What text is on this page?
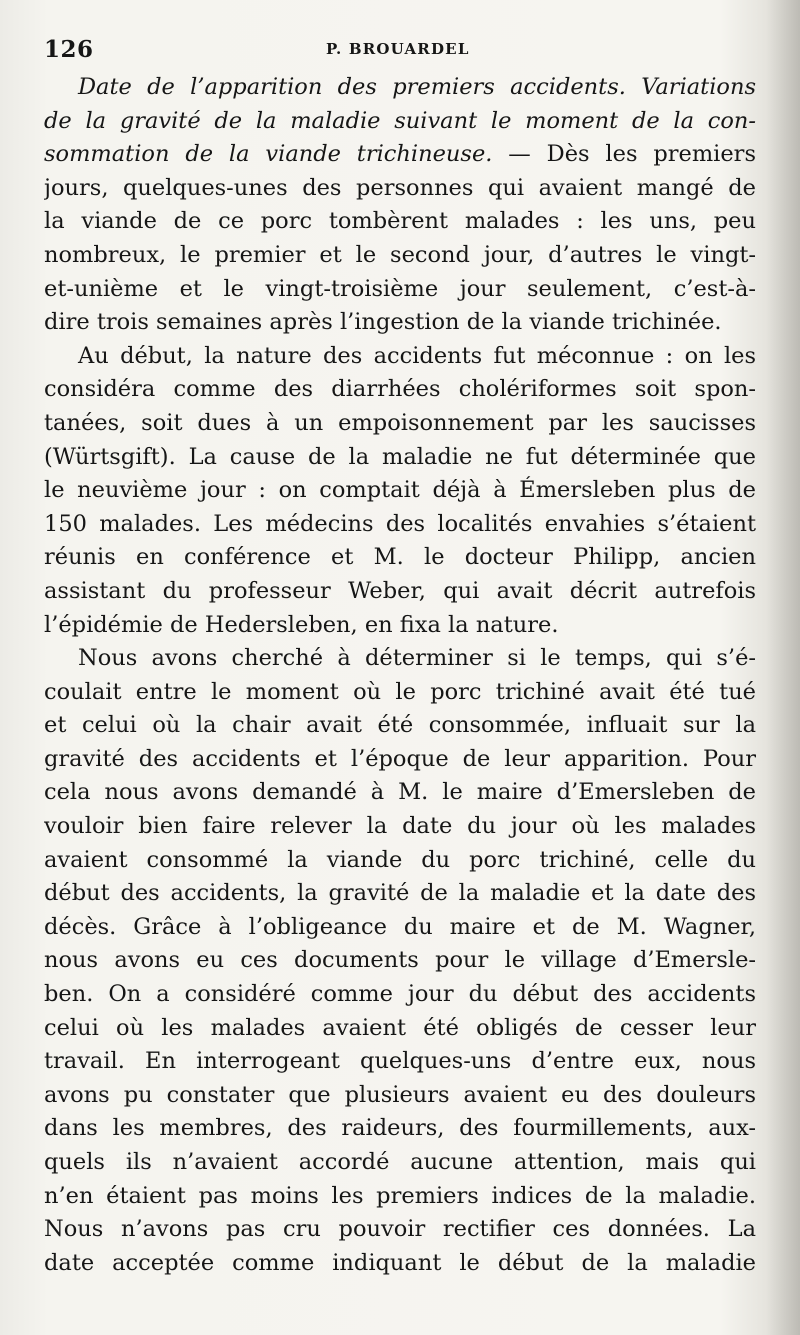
126	P. BROUARDEL
Date de l’apparition des premiers accidents. Variations
de la gravité de la maladie suivant le moment de la con-
sommation de la viande trichineuse. — Dès les premiers
jours, quelques-unes des personnes qui avaient mangé de
la viande de ce porc tombèrent malades : les uns, peu
nombreux, le premier et le second jour, d’autres le vingt-
et-unième et le vingt-troisième jour seulement, c’est-à-
dire trois semaines après l’ingestion de la viande trichinée.
Au début, la nature des accidents fut méconnue : on les
considéra comme des diarrhées cholériformes soit spon-
tanées, soit dues à un empoisonnement par les saucisses
(Würtsgift). La cause de la maladie ne fut déterminée que
le neuvième jour : on comptait déjà à Émersleben plus de
150 malades. Les médecins des localités envahies s’étaient
réunis en conférence et M. le docteur Philipp, ancien
assistant du professeur Weber, qui avait décrit autrefois
l’épidémie de Hedersleben, en fixa la nature.
Nous avons cherché à déterminer si le temps, qui s’é-
coulait entre le moment où le porc trichiné avait été tué
et celui où la chair avait été consommée, influait sur la
gravité des accidents et l’époque de leur apparition. Pour
cela nous avons demandé à M. le maire d’Emersleben de
vouloir bien faire relever la date du jour où les malades
avaient consommé la viande du porc trichiné, celle du
début des accidents, la gravité de la maladie et la date des
décès. Grâce à l’obligeance du maire et de M. Wagner,
nous avons eu ces documents pour le village d’Emersle-
ben. On a considéré comme jour du début des accidents
celui où les malades avaient été obligés de cesser leur
travail. En interrogeant quelques-uns d’entre eux, nous
avons pu constater que plusieurs avaient eu des douleurs
dans les membres, des raideurs, des fourmillements, aux-
quels ils n’avaient accordé aucune attention, mais qui
n’en étaient pas moins les premiers indices de la maladie.
Nous n’avons pas cru pouvoir rectifier ces données. La
date acceptée comme indiquant le début de la maladie
